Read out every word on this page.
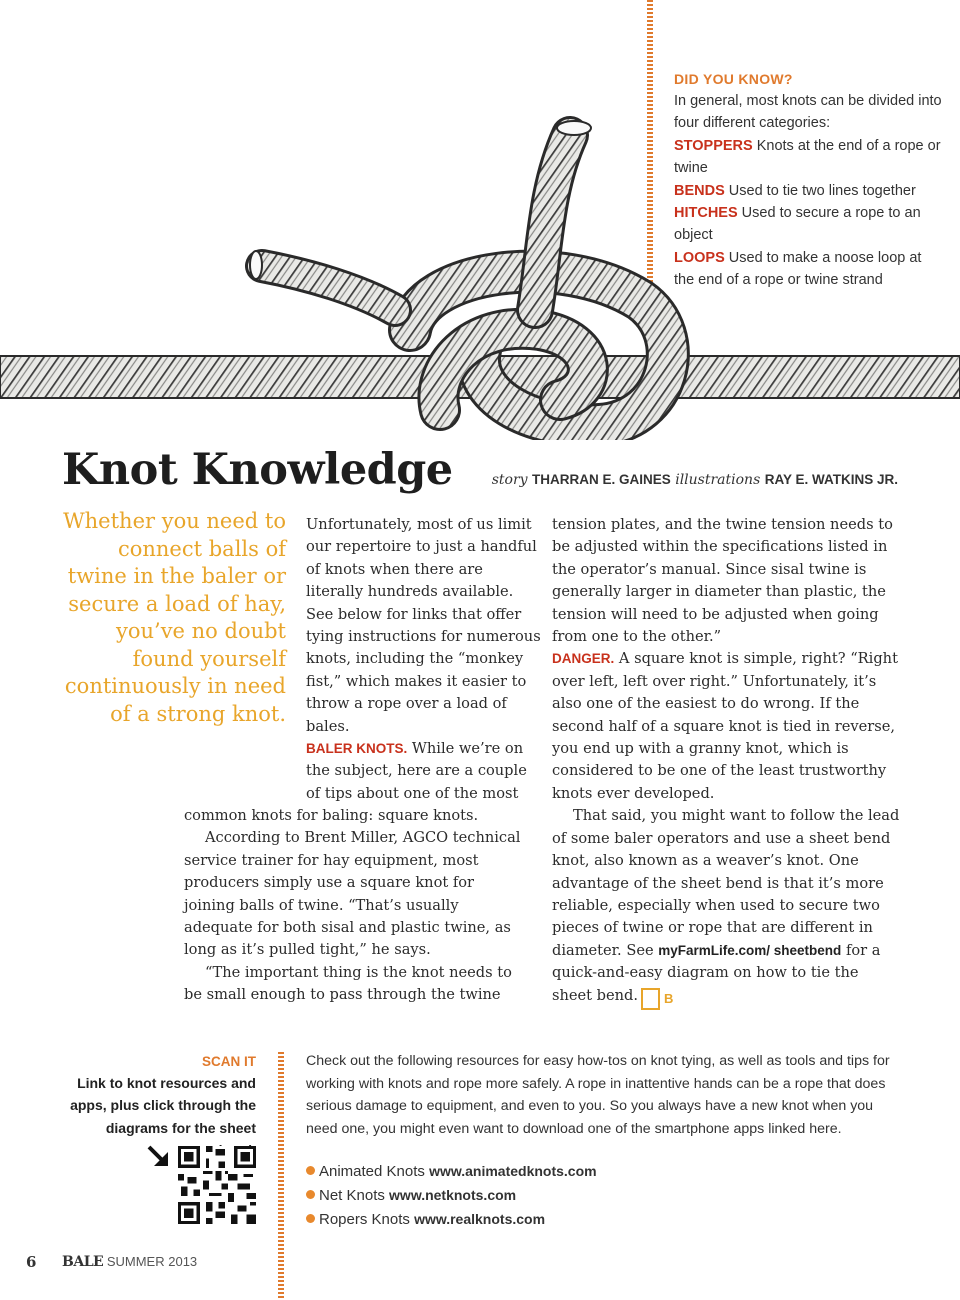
DID YOU KNOW?
In general, most knots can be divided into four different categories:
STOPPERS Knots at the end of a rope or twine
BENDS Used to tie two lines together
HITCHES Used to secure a rope to an object
LOOPS Used to make a noose loop at the end of a rope or twine strand
Knot Knowledge	story THARRAN E. GAINES illustrations RAY E. WATKINS JR.

Whether you need to connect balls of twine in the baler or secure a load of hay, you’ve no doubt found yourself continuously in need of a strong knot.

Unfortunately, most of us limit our repertoire to just a handful of knots when there are literally hundreds available. See below for links that offer tying instructions for numerous knots, including the “monkey fist,” which makes it easier to throw a rope over a load of bales.

BALER KNOTS. While we’re on the subject, here are a couple of tips about one of the most

common knots for baling: square knots.

According to Brent Miller, AGCO technical service trainer for hay equipment, most producers simply use a square knot for joining balls of twine. “That’s usually adequate for both sisal and plastic twine, as long as it’s pulled tight,” he says.

“The important thing is the knot needs to be small enough to pass through the twine

tension plates, and the twine tension needs to be adjusted within the specifications listed in the operator’s manual. Since sisal twine is generally larger in diameter than plastic, the tension will need to be adjusted when going from one to the other.”

DANGER. A square knot is simple, right? “Right over left, left over right.” Unfortunately, it’s also one of the easiest to do wrong. If the second half of a square knot is tied in reverse, you end up with a granny knot, which is considered to be one of the least trustworthy knots ever developed.

That said, you might want to follow the lead of some baler operators and use a sheet bend knot, also known as a weaver’s knot. One advantage of the sheet bend is that it’s more reliable, especially when used to secure two pieces of twine or rope that are different in diameter. See myFarmLife.com/ sheetbend for a quick-and-easy diagram on how to tie the sheet bend. B

SCAN IT
Link to knot resources and apps, plus click through the diagrams for the sheet
Check out the following resources for easy how-tos on knot tying, as well as tools and tips for working with knots and rope more safely. A rope in inattentive hands can be a rope that does serious damage to equipment, and even to you. So you always have a new knot when you need one, you might even want to download one of the smartphone apps linked here.
Animated Knots www.animatedknots.com
Net Knots www.netknots.com
Ropers Knots www.realknots.com
6 BALE SUMMER 2013
